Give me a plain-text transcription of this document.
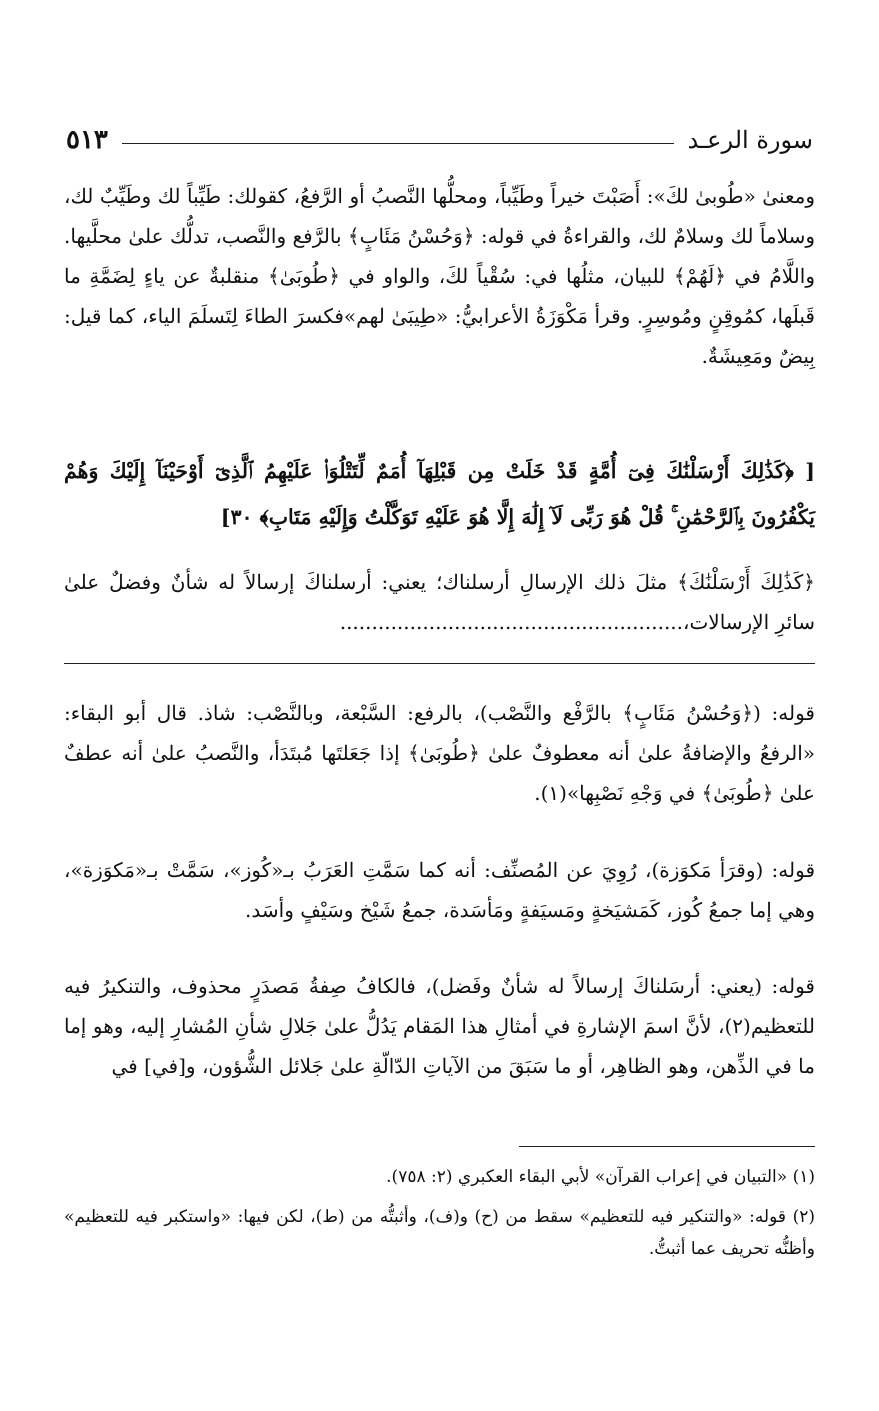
سورة الرعـد
٥١٣

ومعنىٰ «طُوبىٰ لكَ»: أَصَبْتَ خيراً وطَيِّباً، ومحلُّها النَّصبُ أو الرَّفعُ، كقولك: طَيِّباً لك وطَيِّبٌ لك، وسلاماً لك وسلامٌ لك، والقراءةُ في قوله: ﴿وَحُسْنُ مَئَابٍ﴾ بالرَّفع والنَّصب، تدلُّك علىٰ محلَّيها. واللَّامُ في ﴿لَهُمْ﴾ للبيان، مثلُها في: سُقْياً لكَ، والواو في ﴿طُوبَىٰ﴾ منقلبةٌ عن ياءٍ لِضَمَّةِ ما قَبلَها، كمُوقِنٍ ومُوسِرٍ. وقرأ مَكْوَزَةُ الأعرابيُّ: «طِيبَىٰ لهم»فكسرَ الطاءَ لِتَسلَمَ الياء، كما قيل: بِيضٌ ومَعِيشَةٌ.

[ ﴿كَذَٰلِكَ أَرْسَلْنَٰكَ فِىٓ أُمَّةٍ قَدْ خَلَتْ مِن قَبْلِهَآ أُمَمٌ لِّتَتْلُوَا۟ عَلَيْهِمُ ٱلَّذِىٓ أَوْحَيْنَآ إِلَيْكَ وَهُمْ يَكْفُرُونَ بِٱلرَّحْمَٰنِ ۚ قُلْ هُوَ رَبِّى لَآ إِلَٰهَ إِلَّا هُوَ عَلَيْهِ تَوَكَّلْتُ وَإِلَيْهِ مَتَابِ﴾ ٣٠]

﴿كَذَٰلِكَ أَرْسَلْنَٰكَ﴾ مثلَ ذلك الإرسالِ أرسلناك؛ يعني: أرسلناكَ إرسالاً له شأنٌ وفضلٌ علىٰ سائرِ الإرسالات،......................................................

قوله: (﴿وَحُسْنُ مَئَابٍ﴾ بالرَّفْع والنَّصْب)، بالرفع: السَّبْعة، وبالنَّصْب: شاذ. قال أبو البقاء: «الرفعُ والإضافةُ علىٰ أنه معطوفٌ علىٰ ﴿طُوبَىٰ﴾ إذا جَعَلتَها مُبتَدَأ، والنَّصبُ علىٰ أنه عطفٌ علىٰ ﴿طُوبَىٰ﴾ في وَجْهِ نَصْبِها»(١).

قوله: (وقرَأ مَكوَزة)، رُوِيَ عن المُصنِّف: أنه كما سَمَّتِ العَرَبُ بـ«كُوز»، سَمَّتْ بـ«مَكوَزة»، وهي إما جمعُ كُوز، كَمَشيَخةٍ ومَسيَفةٍ ومَأسَدة، جمعُ شَيْخ وسَيْفٍ وأسَد.

قوله: (يعني: أرسَلناكَ إرسالاً له شأنٌ وفَضل)، فالكافُ صِفةُ مَصدَرٍ محذوف، والتنكيرُ فيه للتعظيم(٢)، لأنَّ اسمَ الإشارةِ في أمثالِ هذا المَقام يَدُلُّ علىٰ جَلالِ شأنِ المُشارِ إليه، وهو إما ما في الذِّهن، وهو الظاهِر، أو ما سَبَقَ من الآياتِ الدّالّةِ علىٰ جَلائل الشُّؤون، و[في] في

(١) «التبيان في إعراب القرآن» لأبي البقاء العكبري (٢: ٧٥٨).

(٢) قوله: «والتنكير فيه للتعظيم» سقط من (ح) و(ف)، وأثبتُّه من (ط)، لكن فيها: «واستكبر فيه للتعظيم» وأظنُّه تحريف عما أثبتُّ.
